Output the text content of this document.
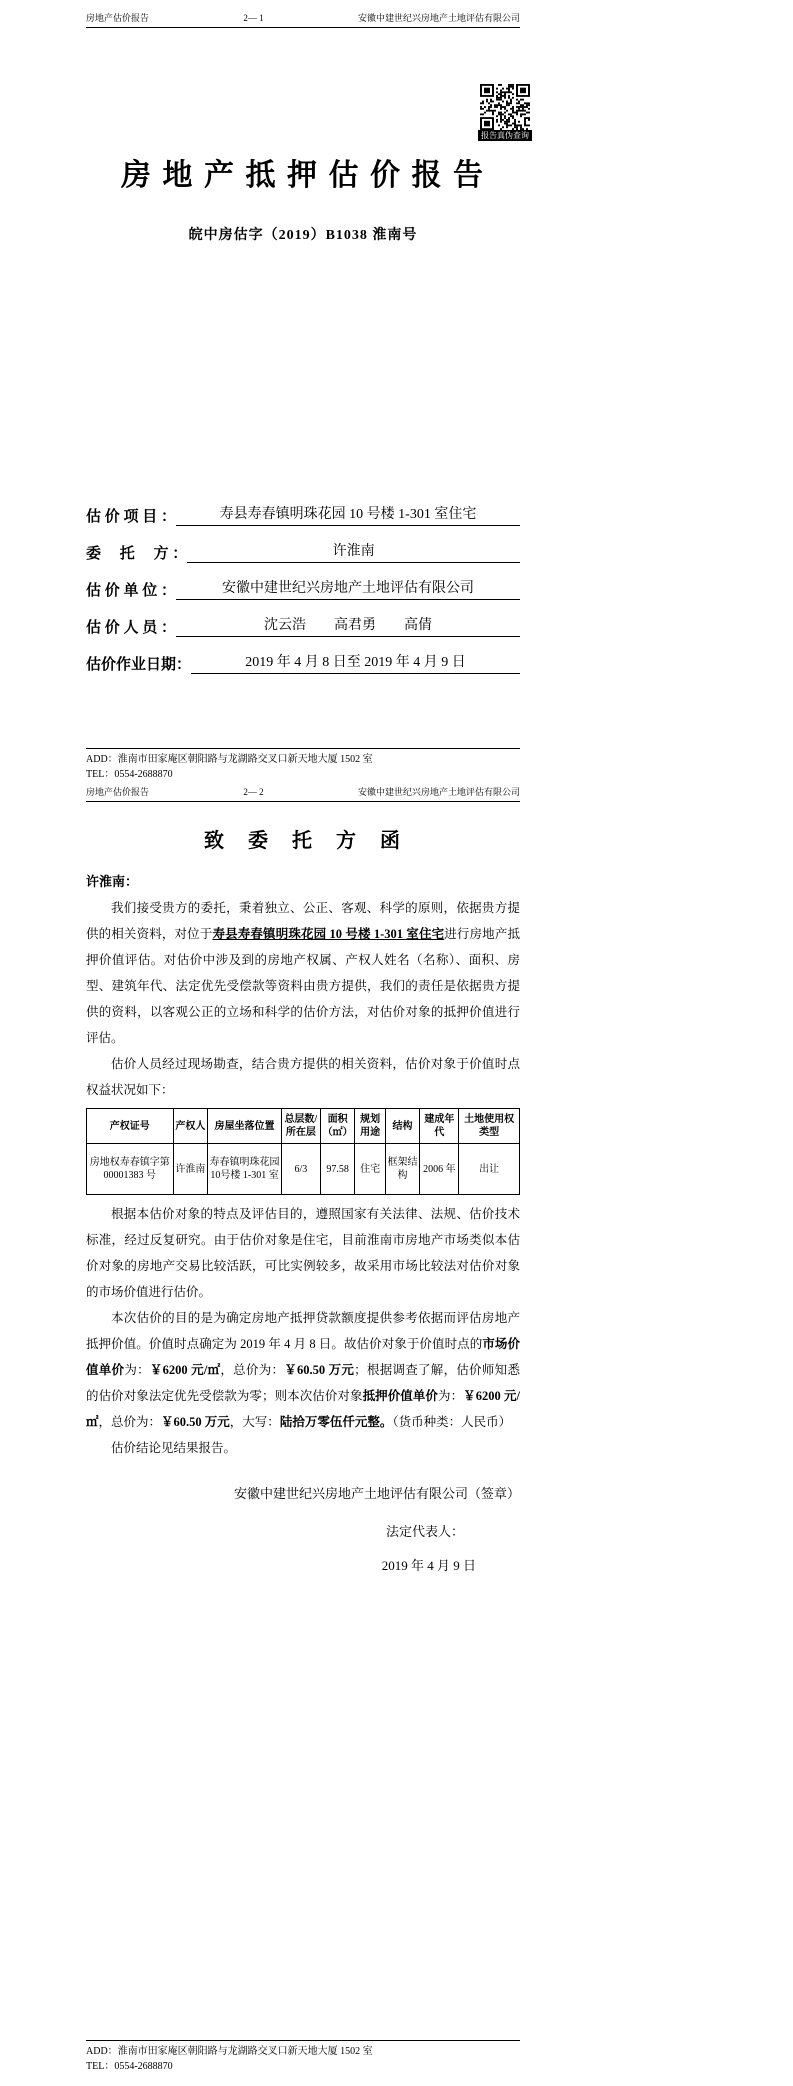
房地产估价报告	2— 1	安徽中建世纪兴房地产土地评估有限公司
报告真伪查询
房 地 产 抵 押 估 价 报 告
皖中房估字（2019）B1038 淮南号
估 价 项 目 ：	寿县寿春镇明珠花园 10 号楼 1-301 室住宅
委　 托　 方 ：	许淮南
估 价 单 位 ：	安徽中建世纪兴房地产土地评估有限公司
估 价 人 员 ：	沈云浩　　高君勇　　高倩
估价作业日期：	2019 年 4 月 8 日至 2019 年 4 月 9 日
ADD：淮南市田家庵区朝阳路与龙湖路交叉口新天地大厦 1502 室
TEL：0554-2688870
房地产估价报告	2— 2	安徽中建世纪兴房地产土地评估有限公司
致　委　托　方　函
许淮南：

我们接受贵方的委托，秉着独立、公正、客观、科学的原则，依据贵方提供的相关资料，对位于寿县寿春镇明珠花园 10 号楼 1-301 室住宅进行房地产抵押价值评估。对估价中涉及到的房地产权属、产权人姓名（名称）、面积、房型、建筑年代、法定优先受偿款等资料由贵方提供，我们的责任是依据贵方提供的资料，以客观公正的立场和科学的估价方法，对估价对象的抵押价值进行评估。

估价人员经过现场勘查，结合贵方提供的相关资料，估价对象于价值时点权益状况如下：

产权证号	产权人	房屋坐落位置	总层数/所在层	面积（㎡）	规划用途	结构	建成年代	土地使用权类型
房地权寿春镇字第00001383 号	许淮南	寿春镇明珠花园 10号楼 1-301 室	6/3	97.58	住宅	框架结构	2006 年	出让

根据本估价对象的特点及评估目的，遵照国家有关法律、法规、估价技术标准，经过反复研究。由于估价对象是住宅，目前淮南市房地产市场类似本估价对象的房地产交易比较活跃，可比实例较多，故采用市场比较法对估价对象的市场价值进行估价。

本次估价的目的是为确定房地产抵押贷款额度提供参考依据而评估房地产抵押价值。价值时点确定为 2019 年 4 月 8 日。故估价对象于价值时点的市场价值单价为：￥6200 元/㎡，总价为：￥60.50 万元；根据调查了解，估价师知悉的估价对象法定优先受偿款为零；则本次估价对象抵押价值单价为：￥6200 元/㎡，总价为：￥60.50 万元，大写：陆拾万零伍仟元整。（货币种类：人民币）

估价结论见结果报告。

安徽中建世纪兴房地产土地评估有限公司（签章）
法定代表人：
2019 年 4 月 9 日
ADD：淮南市田家庵区朝阳路与龙湖路交叉口新天地大厦 1502 室
TEL：0554-2688870
